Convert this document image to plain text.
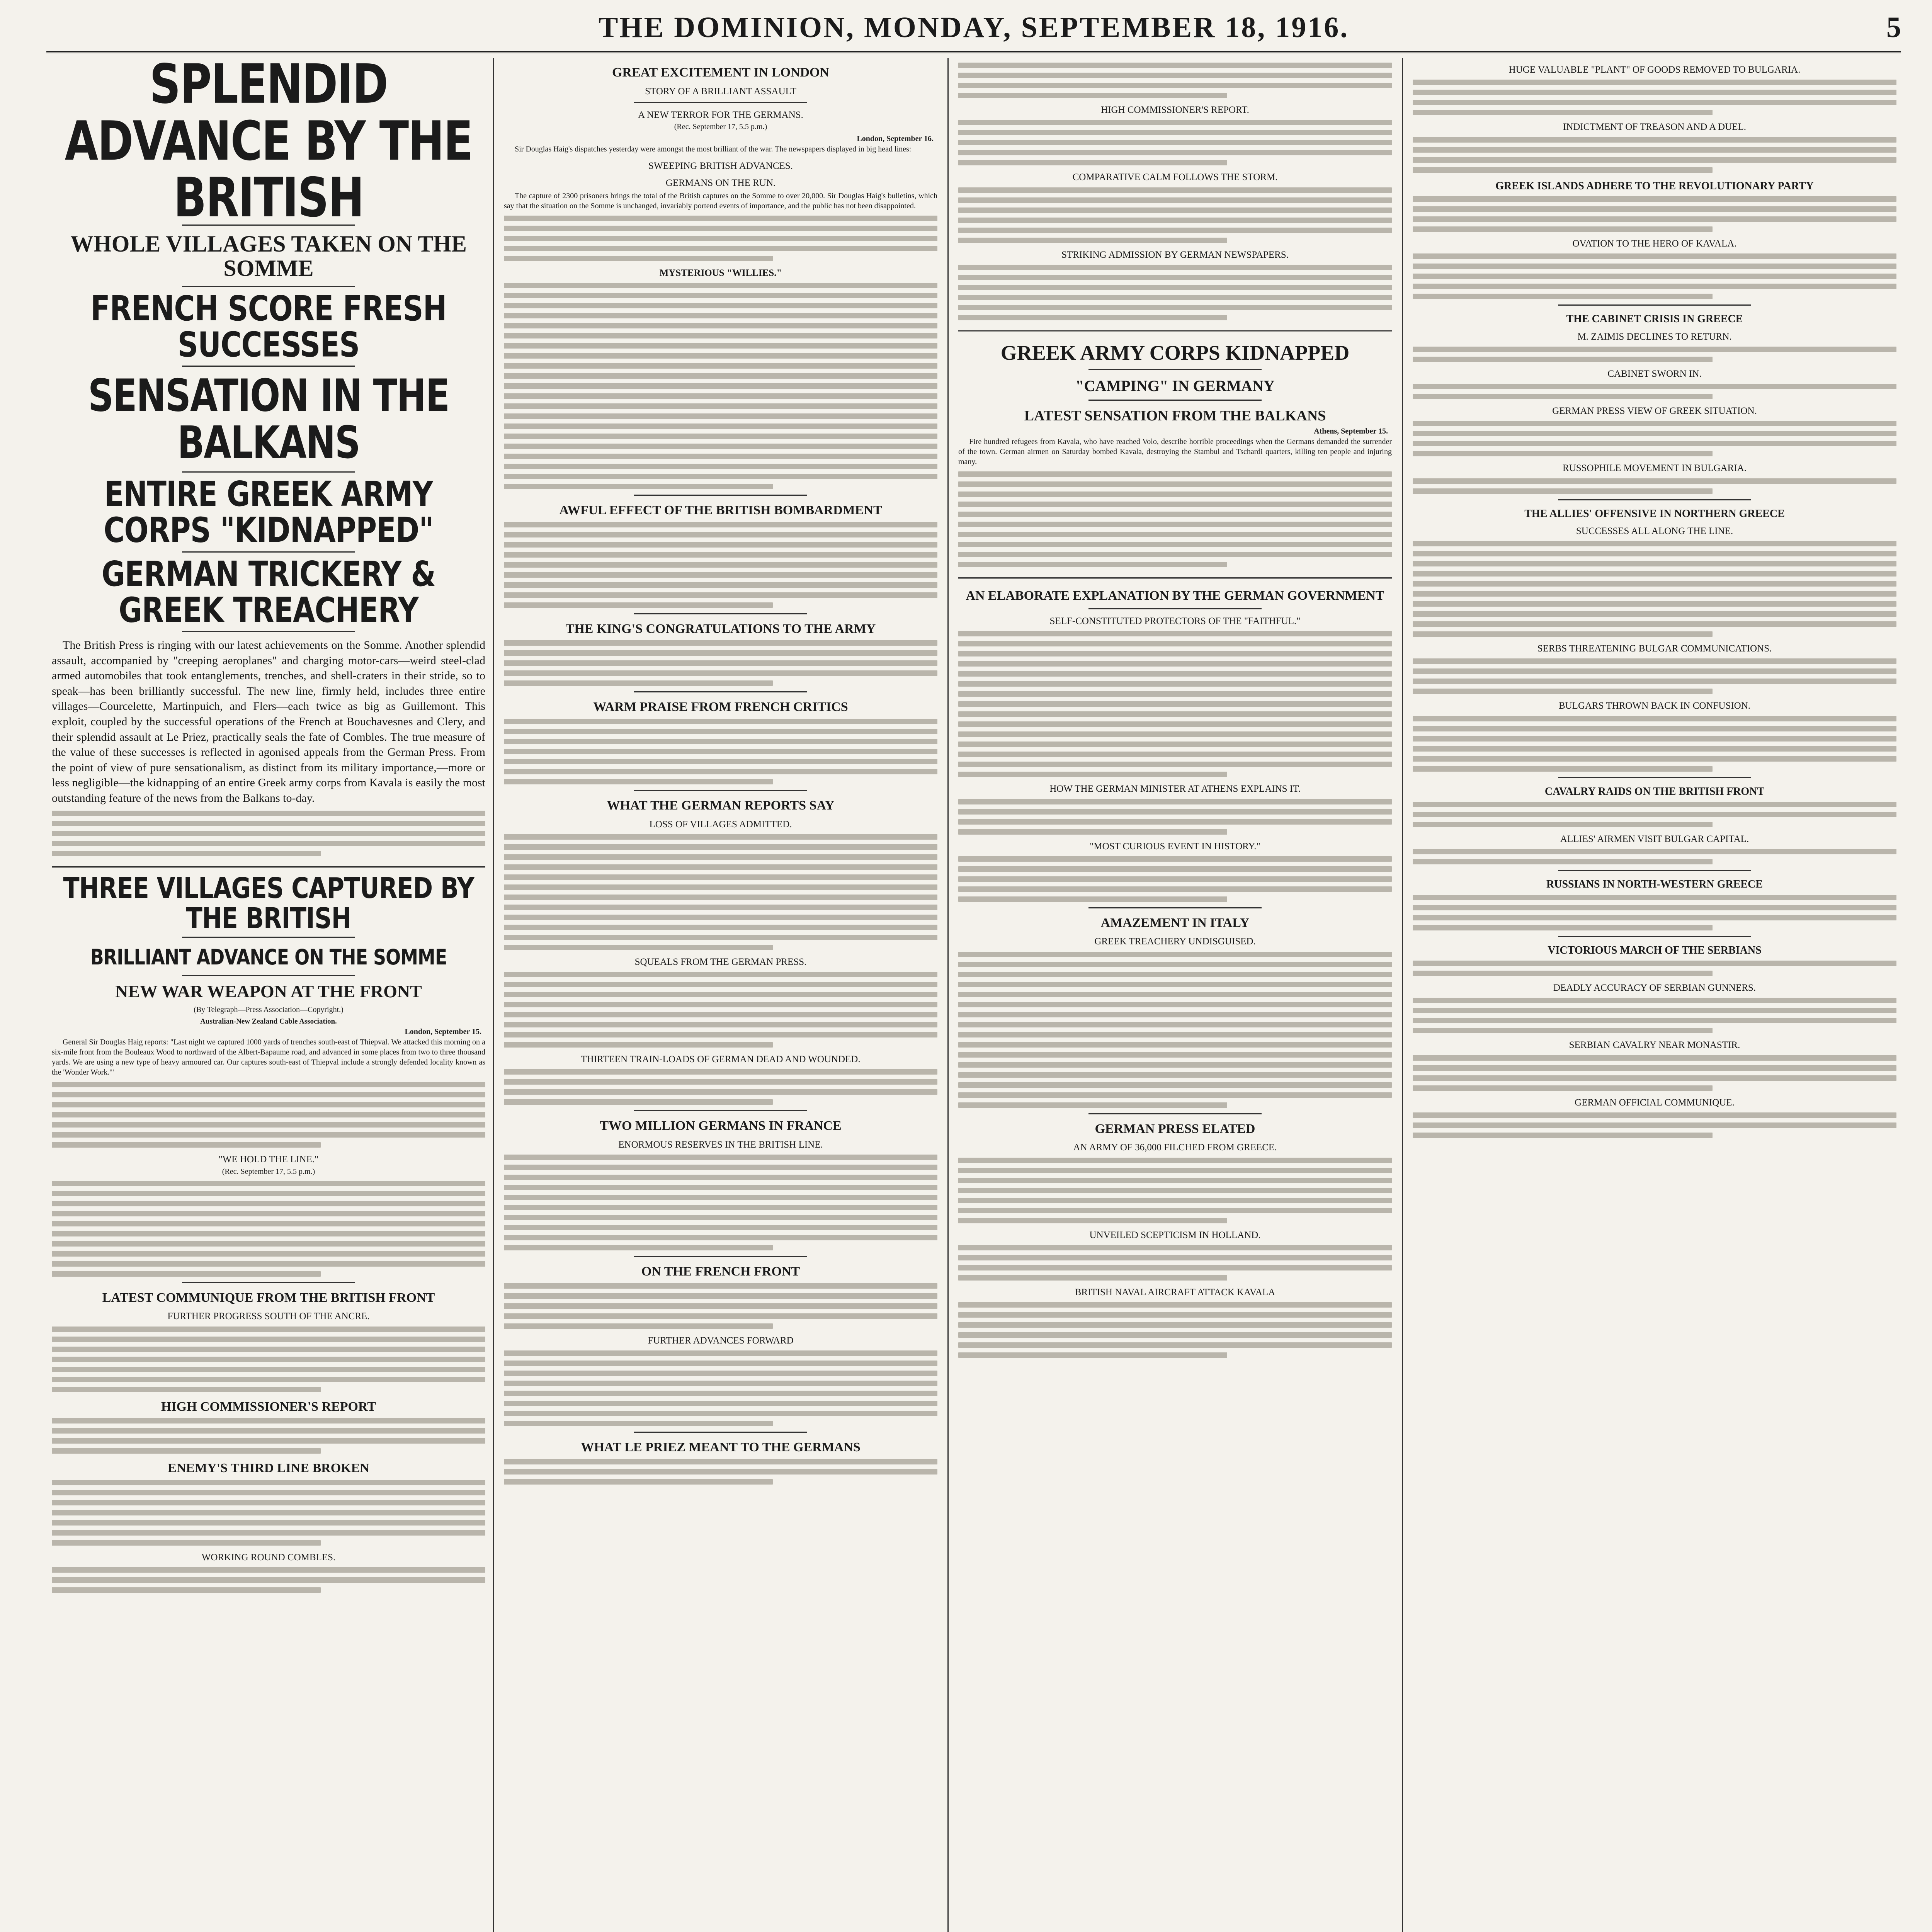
THE DOMINION, MONDAY, SEPTEMBER 18, 1916.	5
SPLENDID ADVANCE BY THE BRITISH
WHOLE VILLAGES TAKEN ON THE SOMME
FRENCH SCORE FRESH SUCCESSES
SENSATION IN THE BALKANS
ENTIRE GREEK ARMY CORPS "KIDNAPPED"
GERMAN TRICKERY & GREEK TREACHERY

The British Press is ringing with our latest achievements on the Somme. Another splendid assault, accompanied by "creeping aeroplanes" and charging motor-cars—weird steel-clad armed automobiles that took entanglements, trenches, and shell-craters in their stride, so to speak—has been brilliantly successful. The new line, firmly held, includes three entire villages—Courcelette, Martinpuich, and Flers—each twice as big as Guillemont. This exploit, coupled by the successful operations of the French at Bouchavesnes and Clery, and their splendid assault at Le Priez, practically seals the fate of Combles. The true measure of the value of these successes is reflected in agonised appeals from the German Press. From the point of view of pure sensationalism, as distinct from its military importance,—more or less negligible—the kidnapping of an entire Greek army corps from Kavala is easily the most outstanding feature of the news from the Balkans to-day.

THREE VILLAGES CAPTURED BY THE BRITISH
BRILLIANT ADVANCE ON THE SOMME
NEW WAR WEAPON AT THE FRONT
(By Telegraph—Press Association—Copyright.)
Australian-New Zealand Cable Association.
London, September 15.

General Sir Douglas Haig reports: "Last night we captured 1000 yards of trenches south-east of Thiepval. We attacked this morning on a six-mile front from the Bouleaux Wood to northward of the Albert-Bapaume road, and advanced in some places from two to three thousand yards. We are using a new type of heavy armoured car. Our captures south-east of Thiepval include a strongly defended locality known as the 'Wonder Work.'"

"WE HOLD THE LINE."
(Rec. September 17, 5.5 p.m.)
LATEST COMMUNIQUE FROM THE BRITISH FRONT
FURTHER PROGRESS SOUTH OF THE ANCRE.
HIGH COMMISSIONER'S REPORT
ENEMY'S THIRD LINE BROKEN
WORKING ROUND COMBLES.
GREAT EXCITEMENT IN LONDON
STORY OF A BRILLIANT ASSAULT
A NEW TERROR FOR THE GERMANS.
(Rec. September 17, 5.5 p.m.)
London, September 16.

Sir Douglas Haig's dispatches yesterday were amongst the most brilliant of the war. The newspapers displayed in big head lines:

SWEEPING BRITISH ADVANCES.
GERMANS ON THE RUN.

The capture of 2300 prisoners brings the total of the British captures on the Somme to over 20,000. Sir Douglas Haig's bulletins, which say that the situation on the Somme is unchanged, invariably portend events of importance, and the public has not been disappointed.

MYSTERIOUS "WILLIES."
AWFUL EFFECT OF THE BRITISH BOMBARDMENT
THE KING'S CONGRATULATIONS TO THE ARMY
WARM PRAISE FROM FRENCH CRITICS
WHAT THE GERMAN REPORTS SAY
LOSS OF VILLAGES ADMITTED.
SQUEALS FROM THE GERMAN PRESS.
THIRTEEN TRAIN-LOADS OF GERMAN DEAD AND WOUNDED.
TWO MILLION GERMANS IN FRANCE
ENORMOUS RESERVES IN THE BRITISH LINE.
ON THE FRENCH FRONT
FURTHER ADVANCES FORWARD
WHAT LE PRIEZ MEANT TO THE GERMANS
HIGH COMMISSIONER'S REPORT.
COMPARATIVE CALM FOLLOWS THE STORM.
STRIKING ADMISSION BY GERMAN NEWSPAPERS.
GREEK ARMY CORPS KIDNAPPED
"CAMPING" IN GERMANY
LATEST SENSATION FROM THE BALKANS
Athens, September 15.

Fire hundred refugees from Kavala, who have reached Volo, describe horrible proceedings when the Germans demanded the surrender of the town. German airmen on Saturday bombed Kavala, destroying the Stambul and Tschardi quarters, killing ten people and injuring many.

AN ELABORATE EXPLANATION BY THE GERMAN GOVERNMENT
SELF-CONSTITUTED PROTECTORS OF THE "FAITHFUL."
HOW THE GERMAN MINISTER AT ATHENS EXPLAINS IT.
"MOST CURIOUS EVENT IN HISTORY."
AMAZEMENT IN ITALY
GREEK TREACHERY UNDISGUISED.
GERMAN PRESS ELATED
AN ARMY OF 36,000 FILCHED FROM GREECE.
UNVEILED SCEPTICISM IN HOLLAND.
BRITISH NAVAL AIRCRAFT ATTACK KAVALA
HUGE VALUABLE "PLANT" OF GOODS REMOVED TO BULGARIA.
INDICTMENT OF TREASON AND A DUEL.
GREEK ISLANDS ADHERE TO THE REVOLUTIONARY PARTY
OVATION TO THE HERO OF KAVALA.
THE CABINET CRISIS IN GREECE
M. ZAIMIS DECLINES TO RETURN.
CABINET SWORN IN.
GERMAN PRESS VIEW OF GREEK SITUATION.
RUSSOPHILE MOVEMENT IN BULGARIA.
THE ALLIES' OFFENSIVE IN NORTHERN GREECE
SUCCESSES ALL ALONG THE LINE.
SERBS THREATENING BULGAR COMMUNICATIONS.
BULGARS THROWN BACK IN CONFUSION.
CAVALRY RAIDS ON THE BRITISH FRONT
ALLIES' AIRMEN VISIT BULGAR CAPITAL.
RUSSIANS IN NORTH-WESTERN GREECE
VICTORIOUS MARCH OF THE SERBIANS
DEADLY ACCURACY OF SERBIAN GUNNERS.
SERBIAN CAVALRY NEAR MONASTIR.
GERMAN OFFICIAL COMMUNIQUE.
